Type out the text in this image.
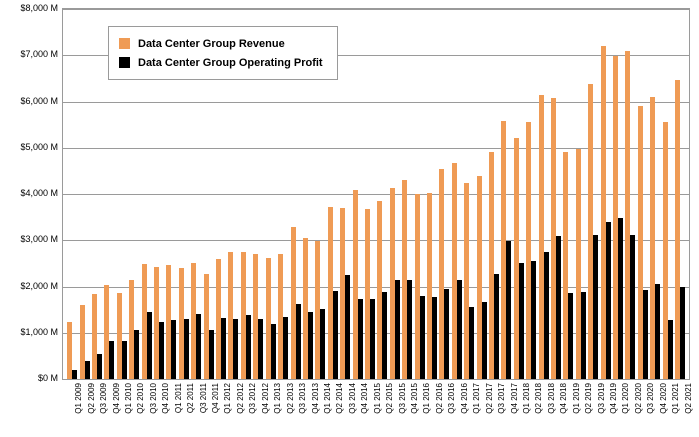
$0 M
$1,000 M
$2,000 M
$3,000 M
$4,000 M
$5,000 M
$6,000 M
$7,000 M
$8,000 M
Q1 2009 Q2 2009 Q3 2009 Q4 2009 Q1 2010 Q2 2010 Q3 2010 Q4 2010 Q1 2011 Q2 2011 Q3 2011 Q4 2011 Q1 2012 Q2 2012 Q3 2012 Q4 2012 Q1 2013 Q2 2013 Q3 2013 Q4 2013 Q1 2014 Q2 2014 Q3 2014 Q4 2014 Q1 2015 Q2 2015 Q3 2015 Q4 2015 Q1 2016 Q2 2016 Q3 2016 Q4 2016 Q1 2017 Q2 2017 Q3 2017 Q4 2017 Q1 2018 Q2 2018 Q3 2018 Q4 2018 Q1 2019 Q2 2019 Q3 2019 Q4 2019 Q1 2020 Q2 2020 Q3 2020 Q4 2020 Q1 2021 Q2 2021
Data Center Group Revenue
Data Center Group Operating Profit
